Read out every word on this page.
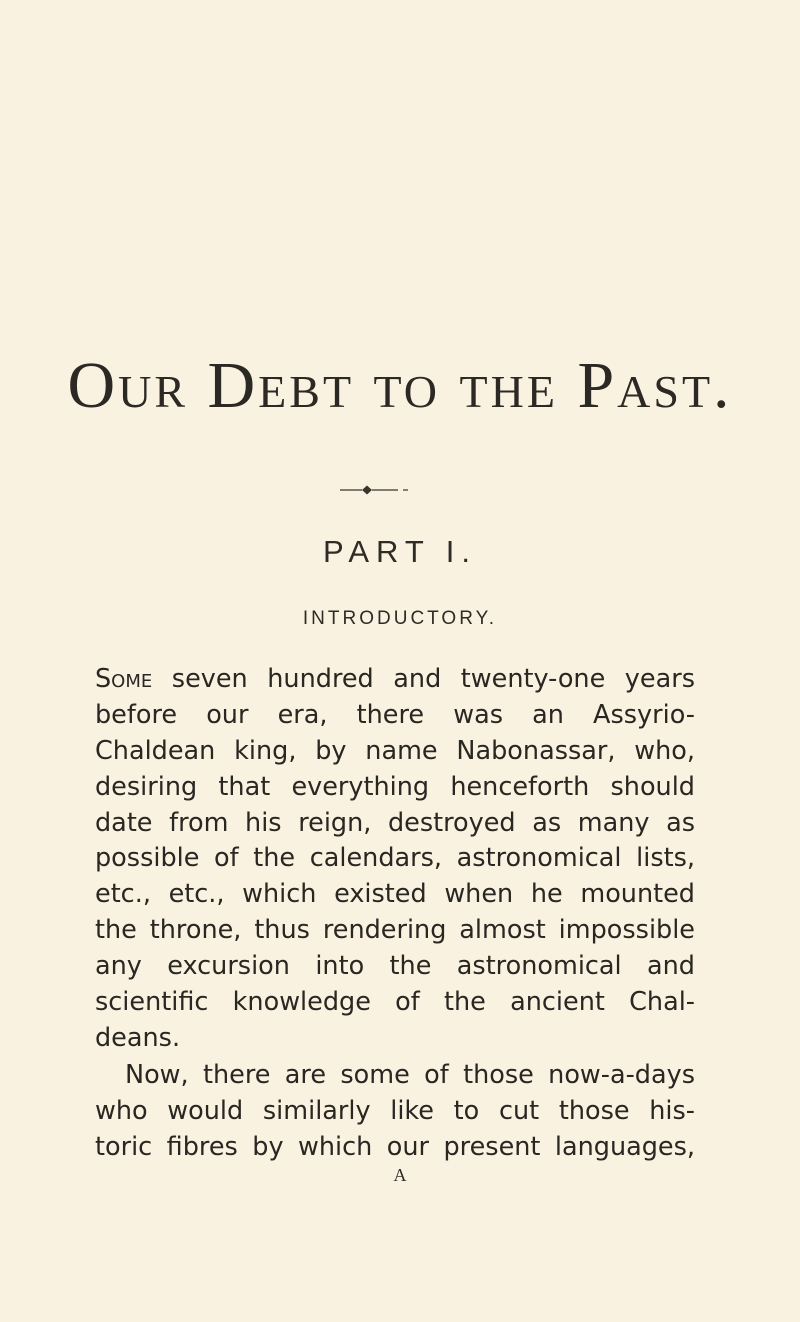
Our Debt to the Past.
PART I.
INTRODUCTORY.
Some seven hundred and twenty-one years
before our era, there was an Assyrio-
Chaldean king, by name Nabonassar, who,
desiring that everything henceforth should
date from his reign, destroyed as many as
possible of the calendars, astronomical lists,
etc., etc., which existed when he mounted
the throne, thus rendering almost impossible
any excursion into the astronomical and
scientific knowledge of the ancient Chal-
deans.
Now, there are some of those now-a-days
who would similarly like to cut those his-
toric fibres by which our present languages,
A
